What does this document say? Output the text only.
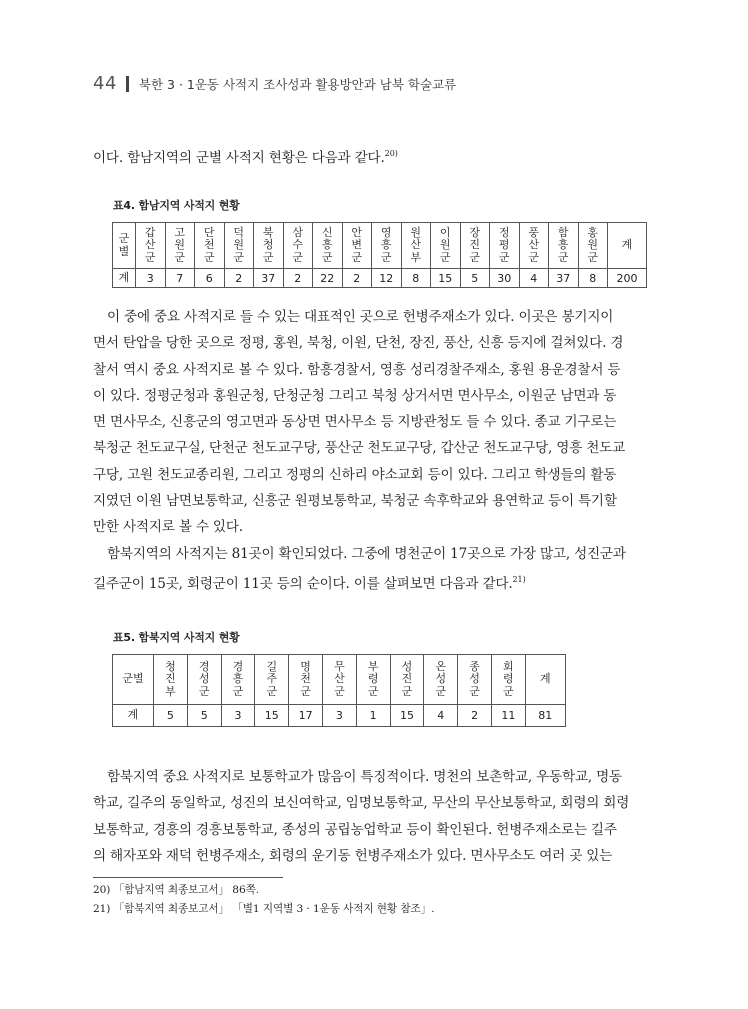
44 북한 3 · 1운동 사적지 조사성과 활용방안과 남북 학술교류
이다. 함남지역의 군별 사적지 현황은 다음과 같다.$^{20)}$
표4. 함남지역 사적지 현황
군
별	갑
산
군	고
원
군	단
천
군	덕
원
군	북
청
군	삼
수
군	신
흥
군	안
변
군	영
흥
군	원
산
부	이
원
군	장
진
군	정
평
군	풍
산
군	함
흥
군	홍
원
군	계
계	3	7	6	2	37	2	22	2	12	8	15	5	30	4	37	8	200
이 중에 중요 사적지로 들 수 있는 대표적인 곳으로 헌병주재소가 있다. 이곳은 봉기지이
면서 탄압을 당한 곳으로 정평, 홍원, 북청, 이원, 단천, 장진, 풍산, 신흥 등지에 걸쳐있다. 경
찰서 역시 중요 사적지로 볼 수 있다. 함흥경찰서, 영흥 성리경찰주재소, 홍원 용운경찰서 등
이 있다. 정평군청과 홍원군청, 단청군청 그리고 북청 상거서면 면사무소, 이원군 남면과 동
면 면사무소, 신흥군의 영고면과 동상면 면사무소 등 지방관청도 들 수 있다. 종교 기구로는
북청군 천도교구실, 단천군 천도교구당, 풍산군 천도교구당, 갑산군 천도교구당, 영흥 천도교
구당, 고원 천도교종리원, 그리고 정평의 신하리 야소교회 등이 있다. 그리고 학생들의 활동
지였던 이원 남면보통학교, 신흥군 원평보통학교, 북청군 속후학교와 용연학교 등이 특기할
만한 사적지로 볼 수 있다.
함북지역의 사적지는 81곳이 확인되었다. 그중에 명천군이 17곳으로 가장 많고, 성진군과
길주군이 15곳, 회령군이 11곳 등의 순이다. 이를 살펴보면 다음과 같다.$^{21)}$
표5. 함북지역 사적지 현황
군별	청
진
부	경
성
군	경
흥
군	길
주
군	명
천
군	무
산
군	부
령
군	성
진
군	온
성
군	종
성
군	회
령
군	계
계	5	5	3	15	17	3	1	15	4	2	11	81
함북지역 중요 사적지로 보통학교가 많음이 특징적이다. 명천의 보촌학교, 우동학교, 명동
학교, 길주의 동일학교, 성진의 보신여학교, 임명보통학교, 무산의 무산보통학교, 회령의 회령
보통학교, 경흥의 경흥보통학교, 종성의 공립농업학교 등이 확인된다. 헌병주재소로는 길주
의 해자포와 재덕 헌병주재소, 회령의 운기동 헌병주재소가 있다. 면사무소도 여러 곳 있는
20) 「함남지역 최종보고서」 86쪽.
21) 「함북지역 최종보고서」 「별1 지역별 3 · 1운동 사적지 현황 참조」.
